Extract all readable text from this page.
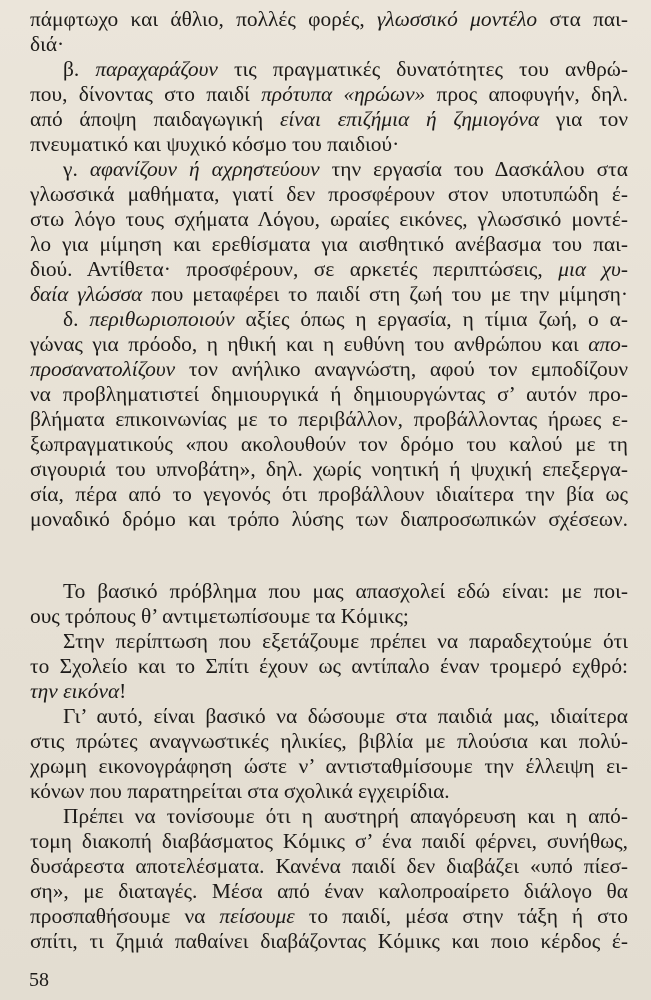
πάμφτωχο και άθλιο, πολλές φορές, γλωσσικό μοντέλο στα παι-
διά·
β. παραχαράζουν τις πραγματικές δυνατότητες του ανθρώ-
που, δίνοντας στο παιδί πρότυπα «ηρώων» προς αποφυγήν, δηλ.
από άποψη παιδαγωγική είναι επιζήμια ή ζημιογόνα για τον
πνευματικό και ψυχικό κόσμο του παιδιού·
γ. αφανίζουν ή αχρηστεύουν την εργασία του Δασκάλου στα
γλωσσικά μαθήματα, γιατί δεν προσφέρουν στον υποτυπώδη έ-
στω λόγο τους σχήματα Λόγου, ωραίες εικόνες, γλωσσικό μοντέ-
λο για μίμηση και ερεθίσματα για αισθητικό ανέβασμα του παι-
διού. Αντίθετα· προσφέρουν, σε αρκετές περιπτώσεις, μια χυ-
δαία γλώσσα που μεταφέρει το παιδί στη ζωή του με την μίμηση·
δ. περιθωριοποιούν αξίες όπως η εργασία, η τίμια ζωή, ο α-
γώνας για πρόοδο, η ηθική και η ευθύνη του ανθρώπου και απο-
προσανατολίζουν τον ανήλικο αναγνώστη, αφού τον εμποδίζουν
να προβληματιστεί δημιουργικά ή δημιουργώντας σ’ αυτόν προ-
βλήματα επικοινωνίας με το περιβάλλον, προβάλλοντας ήρωες ε-
ξωπραγματικούς «που ακολουθούν τον δρόμο του καλού με τη
σιγουριά του υπνοβάτη», δηλ. χωρίς νοητική ή ψυχική επεξεργα-
σία, πέρα από το γεγονός ότι προβάλλουν ιδιαίτερα την βία ως
μοναδικό δρόμο και τρόπο λύσης των διαπροσωπικών σχέσεων.
Το βασικό πρόβλημα που μας απασχολεί εδώ είναι: με ποι-
ους τρόπους θ’ αντιμετωπίσουμε τα Κόμικς;
Στην περίπτωση που εξετάζουμε πρέπει να παραδεχτούμε ότι
το Σχολείο και το Σπίτι έχουν ως αντίπαλο έναν τρομερό εχθρό:
την εικόνα!
Γι’ αυτό, είναι βασικό να δώσουμε στα παιδιά μας, ιδιαίτερα
στις πρώτες αναγνωστικές ηλικίες, βιβλία με πλούσια και πολύ-
χρωμη εικονογράφηση ώστε ν’ αντισταθμίσουμε την έλλειψη ει-
κόνων που παρατηρείται στα σχολικά εγχειρίδια.
Πρέπει να τονίσουμε ότι η αυστηρή απαγόρευση και η από-
τομη διακοπή διαβάσματος Κόμικς σ’ ένα παιδί φέρνει, συνήθως,
δυσάρεστα αποτελέσματα. Κανένα παιδί δεν διαβάζει «υπό πίεσ-
ση», με διαταγές. Μέσα από έναν καλοπροαίρετο διάλογο θα
προσπαθήσουμε να πείσουμε το παιδί, μέσα στην τάξη ή στο
σπίτι, τι ζημιά παθαίνει διαβάζοντας Κόμικς και ποιο κέρδος έ-
58
